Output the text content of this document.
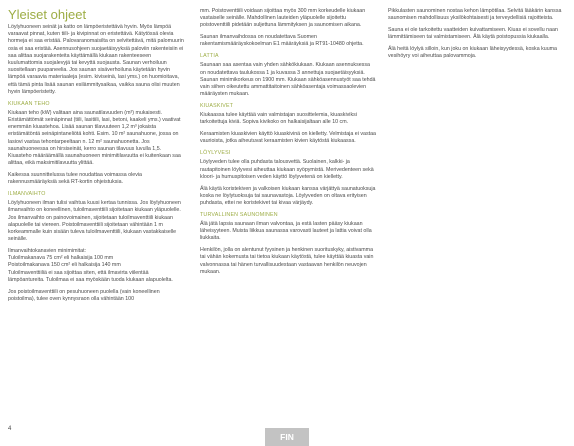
Yleiset ohjeet

Löylyhuoneen seinät ja katto on lämpöeristettävä hyvin. Myös lämpöä varaavat pinnat, kuten tiili- ja kivipinnat on eristettävä. Kätytössä olevia hormeja ei saa eristää. Palovaranomaisilta on selvitettävä, mitä palomuurin osia ei saa eristää. Asennusohjeen suojaetäisyyksiä paloviin rakenteisiin ei saa alittaa suojarakenteita käyttämällä kiukaan rakenteeseen kuulumattomia suojalevyjä tai kevyttä suojausta. Saunan verhoiluun suositellaan puupaneelia. Jos saunan sisäverhoiluna käytetään hyvin lämpöä varaavia materiaaleja (esim. kiviseinä, lasi yms.) on huomioitava, että tämä pinta lisää saunan esilämmitysaikaa, vaikka sauna olisi muuten hyvin lämpöeristetty.

KIUKAAN TEHO

Kiukaan teho (kW) valitaan aina saunatilavuuden (m³) mukaisesti. Eristämättömät seinäpinnat (tiili, lasitiili, lasi, betoni, kaakeli yms.) vaativat enemmän kiuastehoa. Lisää saunan tilavuuteen 1,2 m³ jokaista eristämätöntä seinäpintaneliötä kohti. Esim. 10 m² saunahuone, jossa on lasiovi vastaa tehontarpeeltaan n. 12 m² saunahuonetta. Jos saunahuoneessa on hirsiseinät, kerro saunan tilavuus luvulla 1,5. Kiuasteho määräämällä saunahuoneen minimitilavuutta ei kuitenkaan saa alittaa, eikä maksimitilavuutta ylittää.

Kaikessa suunnittelussa tulee noudattaa voimassa olevia rakennusmääräyksiä sekä RT-kortin ohjeistuksia.

ILMANVAIHTO

Löylyhuoneen ilman tulisi vaihtua kuusi kertaa tunnissa. Jos löylyhuoneen ilmanvaihto on koneellinen, tuloilmaventtiili sijoitetaan kiukaan yläpuolelle. Jos ilmanvaihto on painovoimainen, sijoitetaan tuloilmaventtiili kiukaan alapuolelle tai viereen. Poistoilmaventtiili sijoitetaan vähintään 1 m korkeammalle kuin sisään tuleva tuloilmaventtiili, kiukaan vastakkaiselle seinälle.

Ilmanvaihtokanavien minimimitat:

Tuloilmakanava 75 cm² eli halkaisija 100 mm

Poistoilmakanava 150 cm² eli halkaisija 140 mm

Tuloilmaventtiiliä ei saa sijoittaa siten, että ilmavirta viilentää lämpöantureita. Tuloilmaa ei saa myöskään tuoda kiukaan alapuolelta.

Jos poistoilmaventtiili on pesuhuoneen puolella (vain koneellinen poistoilma), tulee oven kynnysraon olla vähintään 100

mm. Poistoventtiili voidaan sijoittaa myös 300 mm korkeudelle kiukaan vastaiselle seinälle. Mahdollinen lauteiden yläpuolelle sijoitettu poistoventtiili pidetään suljettuna lämmityksen ja saunomisen aikana.

Saunan ilmanvaihdossa on noudatettava Suomen rakentamismääräyskokoelman E1 määräyksiä ja RT91-10480 ohjetta.

LATTIA

Saunaan saa asentaa vain yhden sähkökiukaan. Kiukaan asennuksessa on noudatettava taulukossa 1 ja kuvassa 3 annettuja suojaetäisyyksiä. Saunan minimikorkeus on 1900 mm. Kiukaan sähköasennustyöt saa tehdä vain siihen oikeutettu ammattitaitoinen sähköasentaja voimassaolevien määräysten mukaan.

KIUASKIVET

Kiukaassa tulee käyttää vain valmistajan suosittelemia, kiuaskiviksi tarkoitettuja kiviä. Sopiva kivikoko on halkaisijaltaan alle 10 cm.

Keraamisten kiuaskivien käyttö kiuaskivinä on kielletty. Velmistaja ei vastaa vaurioista, jotka aiheutuvat keraamisten kivien käytöstä kiukaassa.

LÖYLYVESI

Löylyveden tulee olla puhdasta talousvettä. Suolainen, kalkki- ja rautapitoinen löylyvesi aiheuttaa kiukaan syöpymistä. Merivedenteen sekä kloori- ja humuspitoisen veden käyttö löylyvetenä on kielletty.

Älä käytä koristekiven ja valkoisen kiukaan kanssa värjättyä saunatuoksuja koska ne löylytuoksuja tai saunavastoja. Löylyveden on oltava erityisen puhdasta, ettei ne koristekivet tai kivaa värjäydy.

TURVALLINEN SAUNOMINEN

Älä jätä lapsia saunaan ilman valvontaa, ja estä lasten pääsy kiukaan läheisyyteen. Muista liikkua saunassa varovasti lauteet ja lattia voivat olla liukkaita.

Henkilön, jolla on alentunut fyysinen ja henkinen suorituskyky, aistivamma tai vähän kokemusta tai tietoa kiukaan käytöstä, tulee käyttää kiuasta vain valvonnassa tai hänen turvallisuudestaan vastaavan henkilön neuvojen mukaan.

Pikkulasten saunominen nostaa kehon lämpötilaa. Selvitä lääkärin kanssa saunomisen mahdollisuus yksilökohtaisesti ja terveydellisiä rajoitteista.

Sauna ei ole tarkoitettu vaatteiden kuivattamiseen. Kiuas ei sovellu naan lämmittämiseen tai valmistamiseen. Älä käytä poistopussia kiukaalla.

Älä heitä löylyä silloin, kun joku on kiukaan läheisyydessä, koska kuuma vesihöyry voi aiheuttaa palovammoja.

4
FIN
